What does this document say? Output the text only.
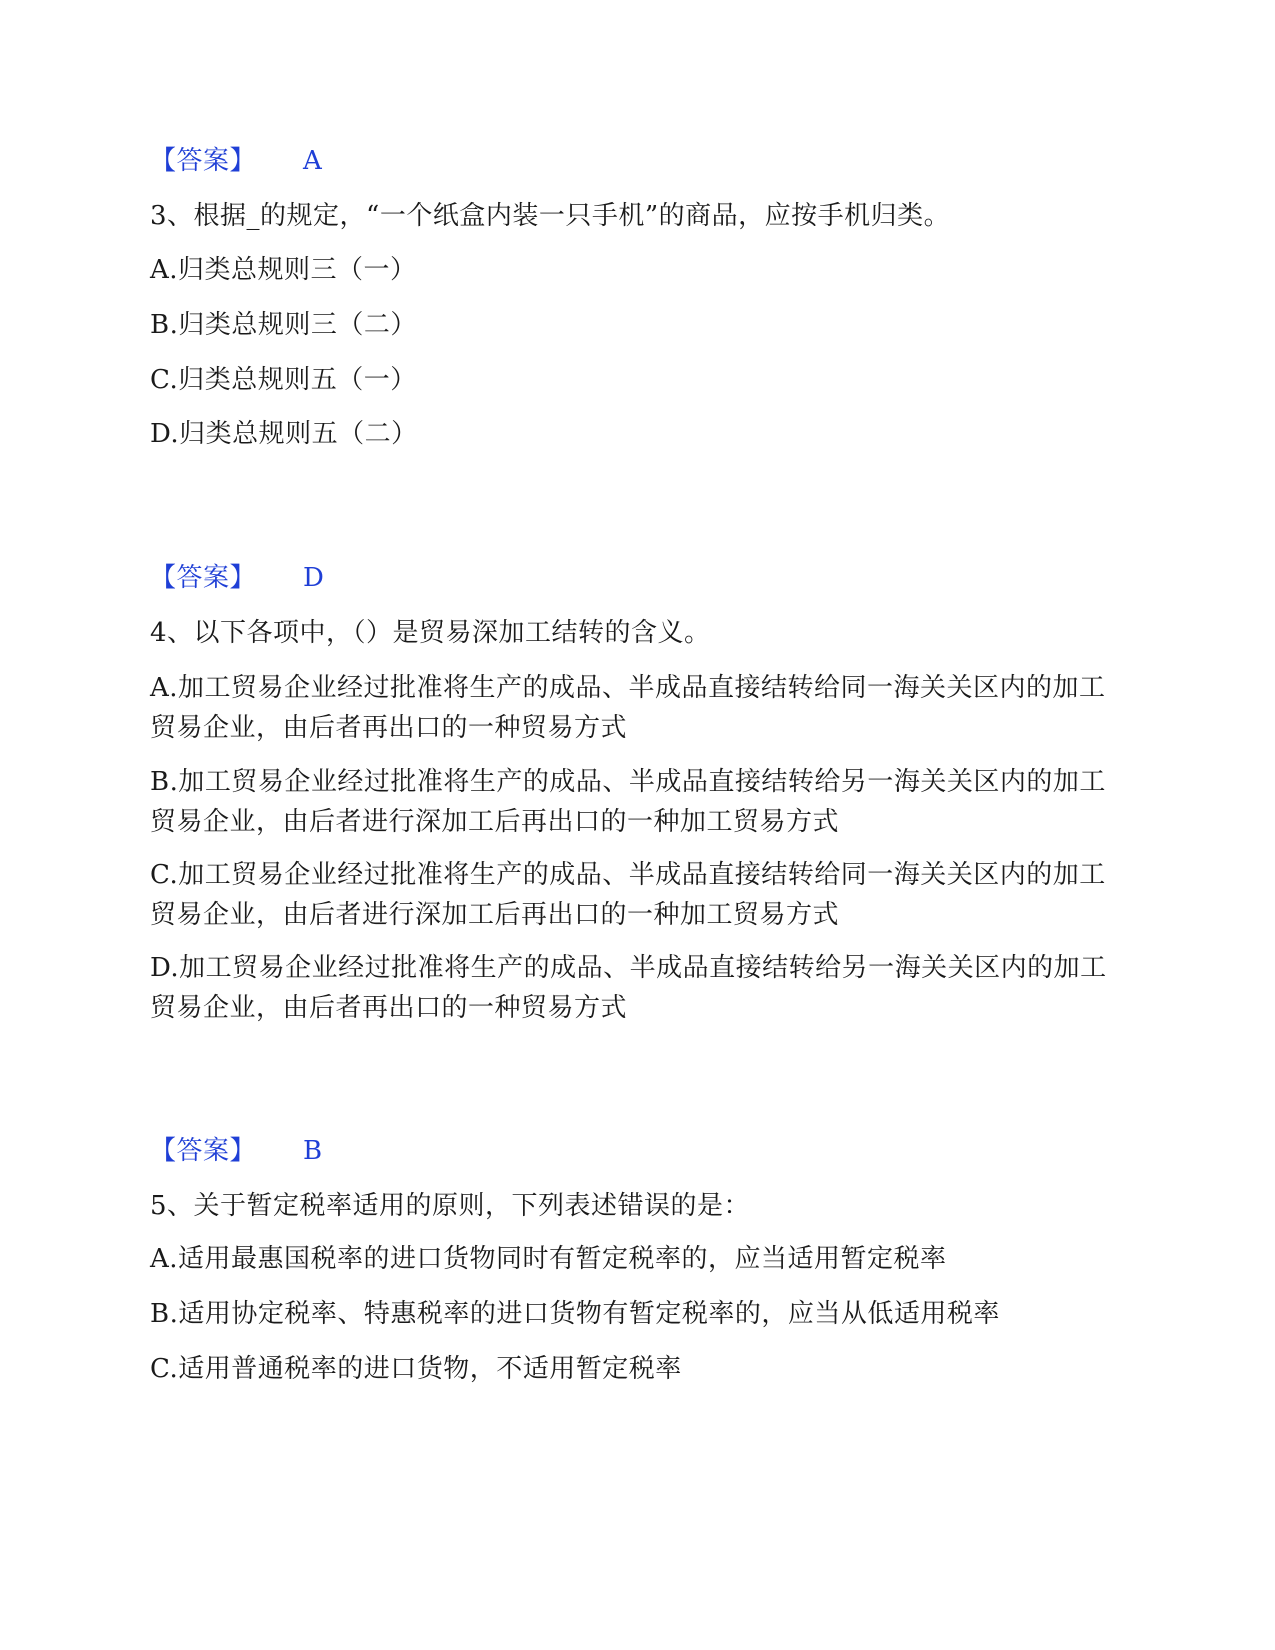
【答案】 A
3、根据_的规定，“一个纸盒内装一只手机”的商品，应按手机归类。
A.归类总规则三（一）
B.归类总规则三（二）
C.归类总规则五（一）
D.归类总规则五（二）
【答案】 D
4、以下各项中，（）是贸易深加工结转的含义。
A.加工贸易企业经过批准将生产的成品、半成品直接结转给同一海关关区内的加工贸易企业，由后者再出口的一种贸易方式
B.加工贸易企业经过批准将生产的成品、半成品直接结转给另一海关关区内的加工贸易企业，由后者进行深加工后再出口的一种加工贸易方式
C.加工贸易企业经过批准将生产的成品、半成品直接结转给同一海关关区内的加工贸易企业，由后者进行深加工后再出口的一种加工贸易方式
D.加工贸易企业经过批准将生产的成品、半成品直接结转给另一海关关区内的加工贸易企业，由后者再出口的一种贸易方式
【答案】 B
5、关于暂定税率适用的原则，下列表述错误的是：
A.适用最惠国税率的进口货物同时有暂定税率的，应当适用暂定税率
B.适用协定税率、特惠税率的进口货物有暂定税率的，应当从低适用税率
C.适用普通税率的进口货物，不适用暂定税率
